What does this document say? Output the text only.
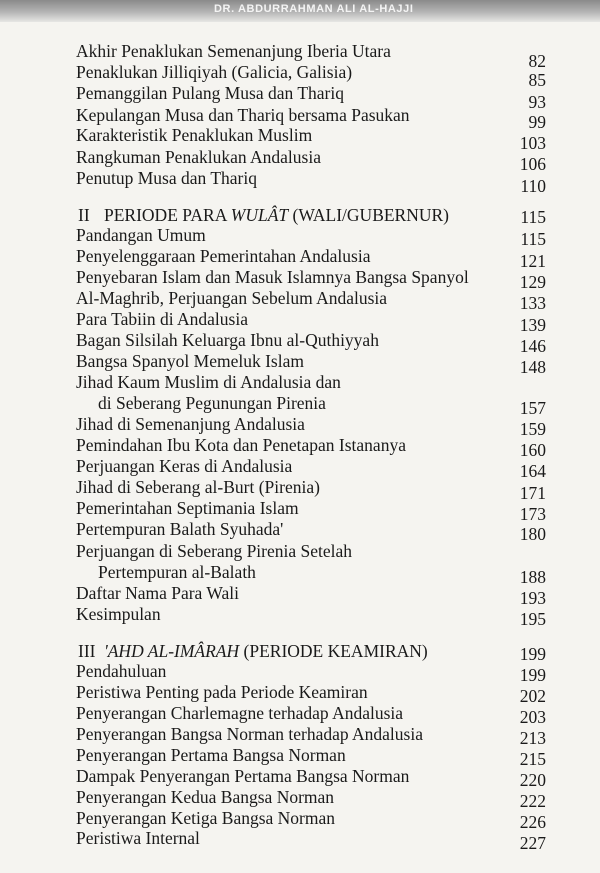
DR. ABDURRAHMAN ALI AL-HAJJI
Akhir Penaklukan Semenanjung Iberia Utara	82
Penaklukan Jilliqiyah (Galicia, Galisia)	85
Pemanggilan Pulang Musa dan Thariq	93
Kepulangan Musa dan Thariq bersama Pasukan	99
Karakteristik Penaklukan Muslim	103
Rangkuman Penaklukan Andalusia	106
Penutup Musa dan Thariq	110
II PERIODE PARA WULÂT (WALI/GUBERNUR)	115
Pandangan Umum	115
Penyelenggaraan Pemerintahan Andalusia	121
Penyebaran Islam dan Masuk Islamnya Bangsa Spanyol	129
Al-Maghrib, Perjuangan Sebelum Andalusia	133
Para Tabiin di Andalusia	139
Bagan Silsilah Keluarga Ibnu al-Quthiyyah	146
Bangsa Spanyol Memeluk Islam	148
Jihad Kaum Muslim di Andalusia dan
di Seberang Pegunungan Pirenia	157
Jihad di Semenanjung Andalusia	159
Pemindahan Ibu Kota dan Penetapan Istananya	160
Perjuangan Keras di Andalusia	164
Jihad di Seberang al-Burt (Pirenia)	171
Pemerintahan Septimania Islam	173
Pertempuran Balath Syuhada'	180
Perjuangan di Seberang Pirenia Setelah
Pertempuran al-Balath	188
Daftar Nama Para Wali	193
Kesimpulan	195
III 'AHD AL-IMÂRAH (PERIODE KEAMIRAN)	199
Pendahuluan	199
Peristiwa Penting pada Periode Keamiran	202
Penyerangan Charlemagne terhadap Andalusia	203
Penyerangan Bangsa Norman terhadap Andalusia	213
Penyerangan Pertama Bangsa Norman	215
Dampak Penyerangan Pertama Bangsa Norman	220
Penyerangan Kedua Bangsa Norman	222
Penyerangan Ketiga Bangsa Norman	226
Peristiwa Internal	227
